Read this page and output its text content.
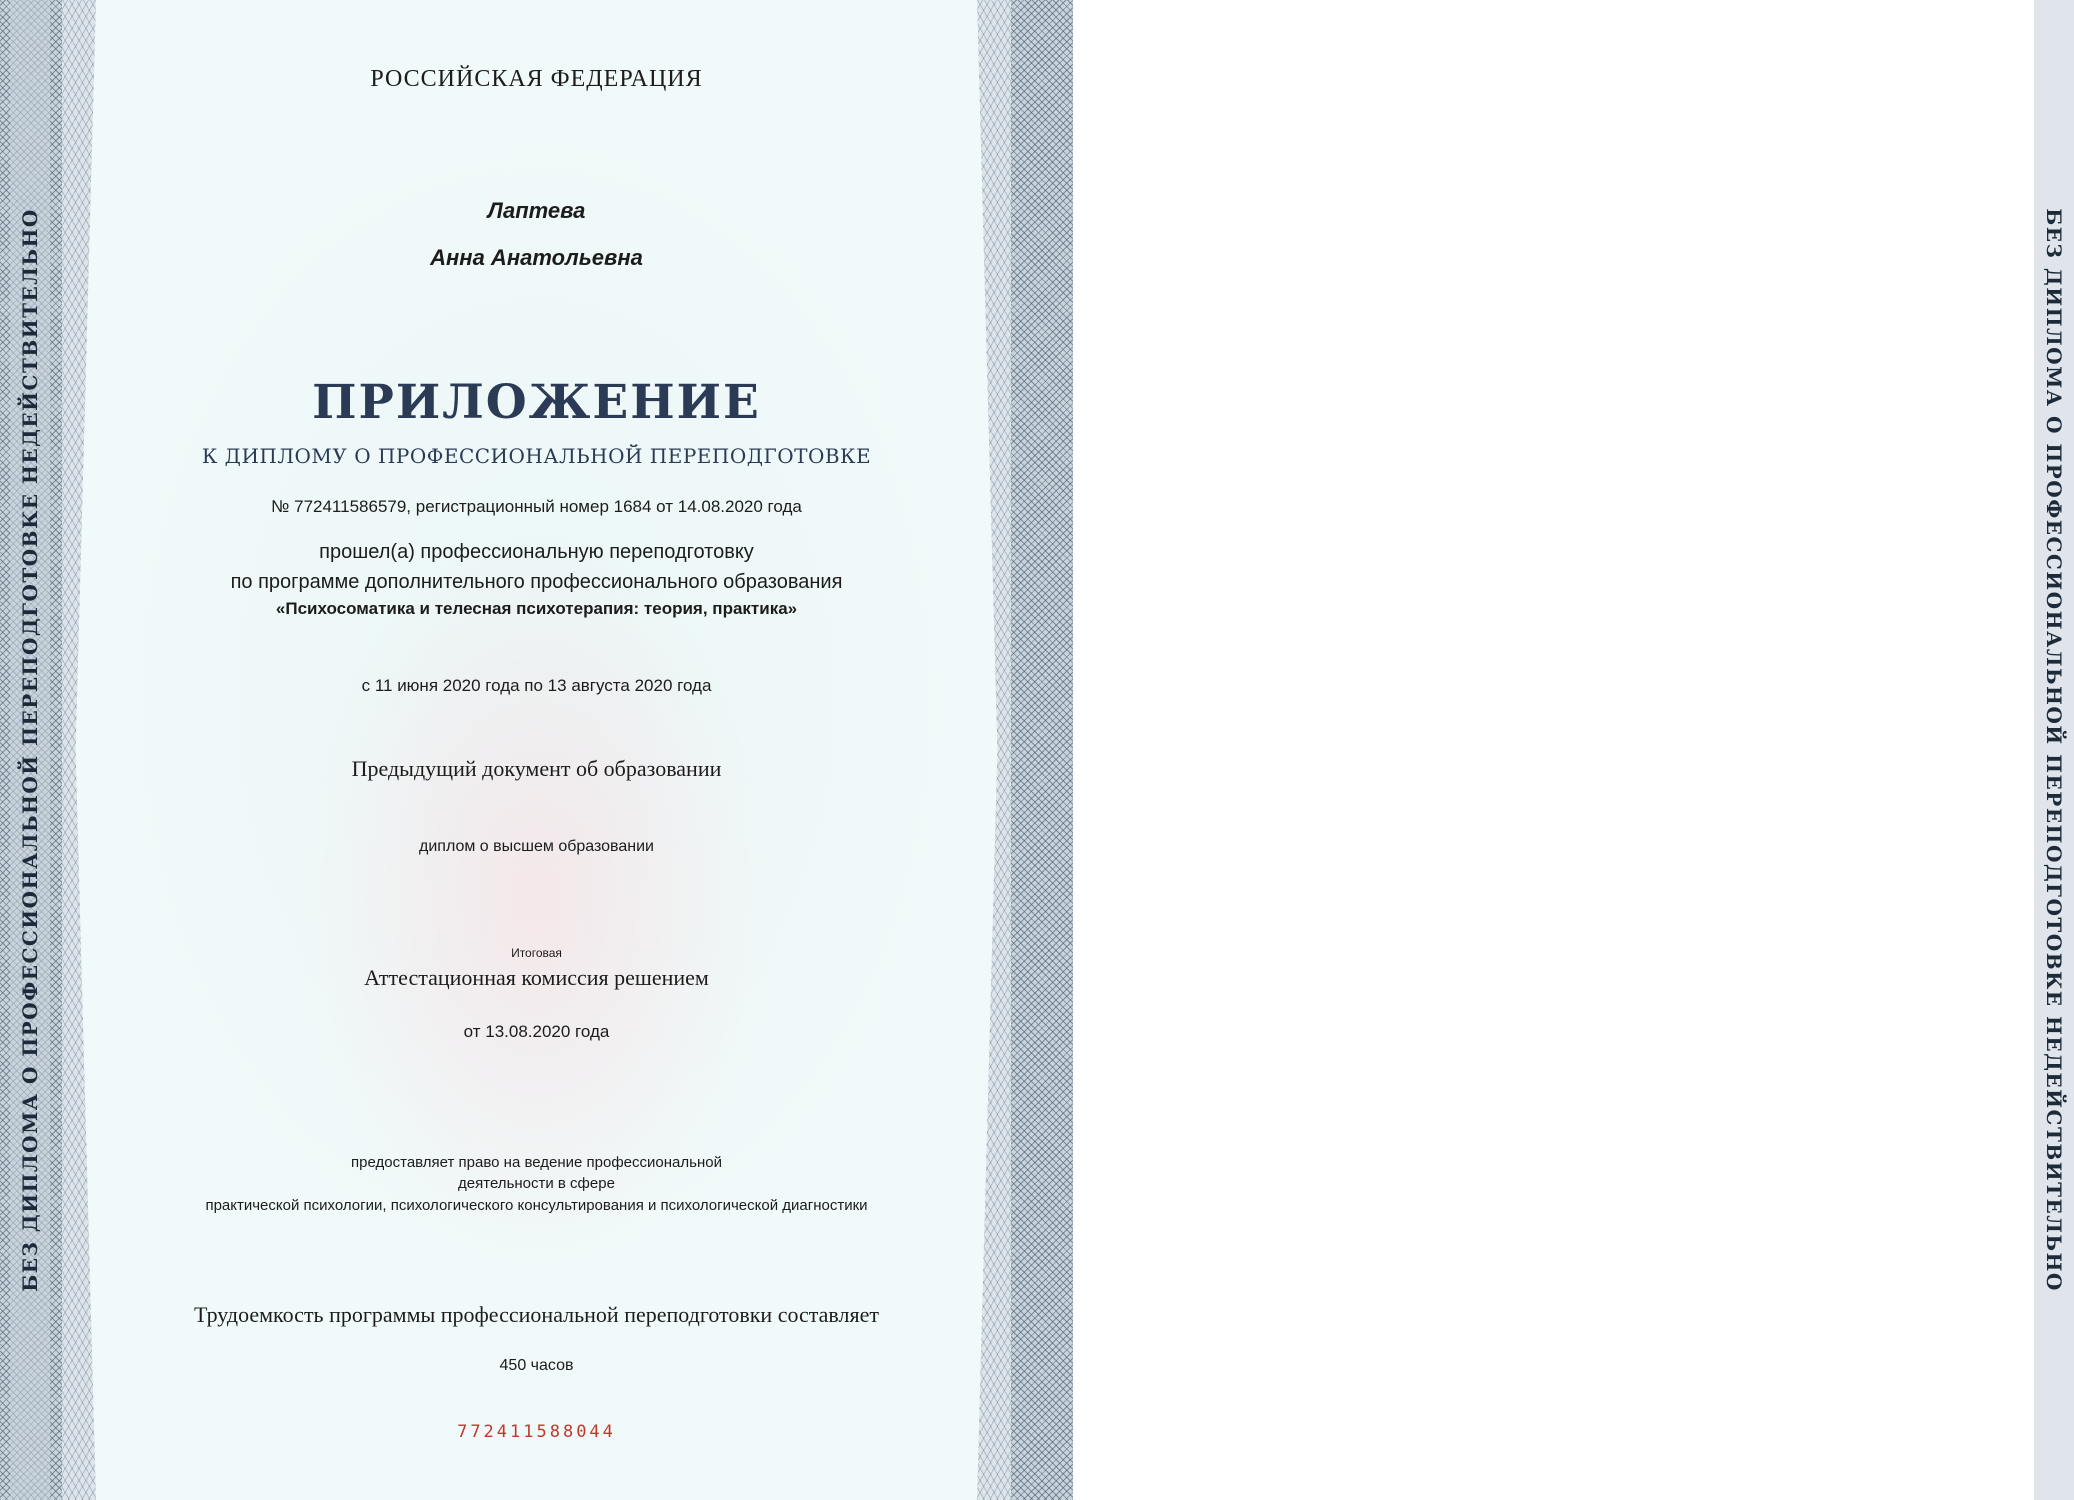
БЕЗ ДИПЛОМА О ПРОФЕССИОНАЛЬНОЙ ПЕРЕПОДГОТОВКЕ НЕДЕЙСТВИТЕЛЬНО	БЕЗ ДИПЛОМА О ПРОФЕССИОНАЛЬНОЙ ПЕРЕПОДГОТОВКЕ НЕДЕЙСТВИТЕЛЬНО
РОССИЙСКАЯ ФЕДЕРАЦИЯ
Лаптева
Анна Анатольевна
ПРИЛОЖЕНИЕ
К ДИПЛОМУ О ПРОФЕССИОНАЛЬНОЙ ПЕРЕПОДГОТОВКЕ
№ 772411586579, регистрационный номер 1684 от 14.08.2020 года
прошел(а) профессиональную переподготовку
по программе дополнительного профессионального образования
«Психосоматика и телесная психотерапия: теория, практика»
с 11 июня 2020 года по 13 августа 2020 года
Предыдущий документ об образовании
диплом о высшем образовании
Итоговая
Аттестационная комиссия решением
от 13.08.2020 года
предоставляет право на ведение профессиональной
деятельности в сфере
практической психологии, психологического консультирования и психологической диагностики
Трудоемкость программы профессиональной переподготовки составляет
450 часов
772411588044
